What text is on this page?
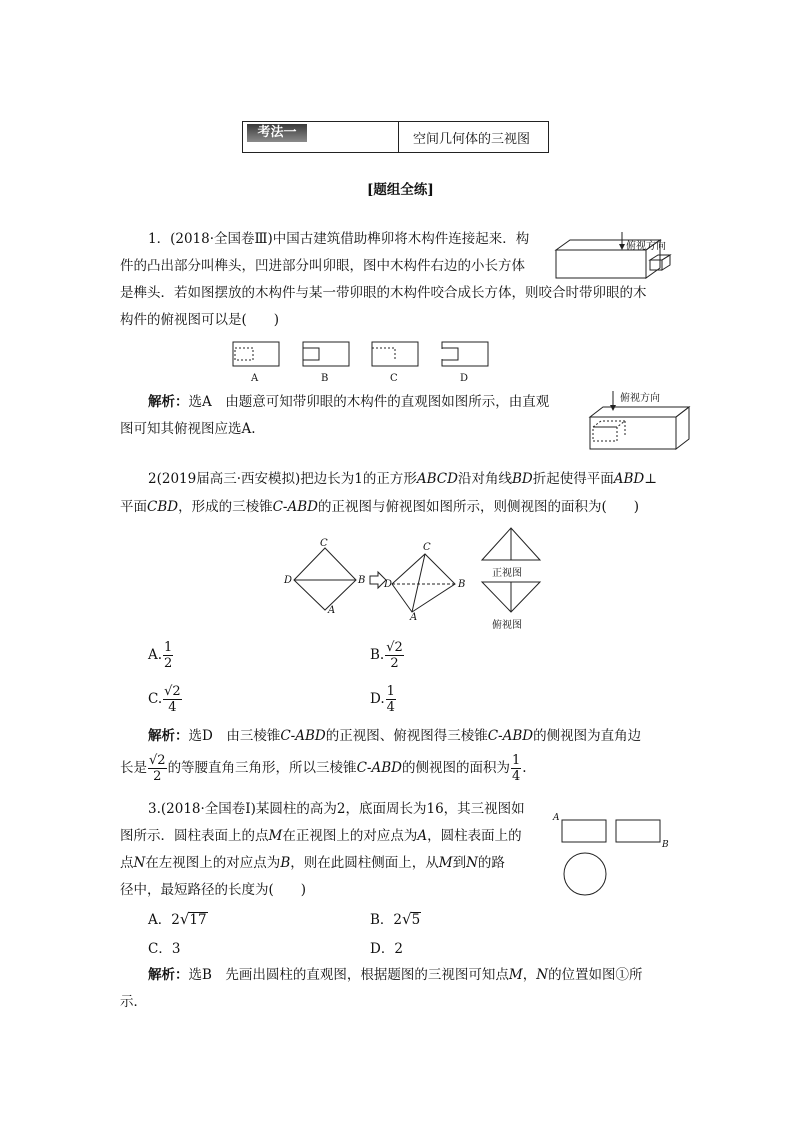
考法一	空间几何体的三视图
[题组全练]
1．(2018·全国卷Ⅲ)中国古建筑借助榫卯将木构件连接起来．构
件的凸出部分叫榫头，凹进部分叫卯眼，图中木构件右边的小长方体
是榫头．若如图摆放的木构件与某一带卯眼的木构件咬合成长方体，则咬合时带卯眼的木
构件的俯视图可以是(　　)
俯视方向
A	B	C	D
解析：选A　由题意可知带卯眼的木构件的直观图如图所示，由直观
图可知其俯视图应选A.
俯视方向
2(2019届高三·西安模拟)把边长为1的正方形ABCD沿对角线BD折起使得平面ABD⊥
平面CBD，形成的三棱锥C-ABD的正视图与俯视图如图所示，则侧视图的面积为(　　)
C
D	B
A
C
D	B
A
正视图
俯视图
A. $\frac{1}{2}$	B. $\frac{√2}{2}$
C. $\frac{√2}{4}$	D. $\frac{1}{4}$
解析：选D　由三棱锥C-ABD的正视图、俯视图得三棱锥C-ABD的侧视图为直角边
长是 $\frac{√2}{2}$ 的等腰直角三角形，所以三棱锥C-ABD的侧视图的面积为 $\frac{1}{4}$ .
3.(2018·全国卷Ⅰ)某圆柱的高为2，底面周长为16，其三视图如
图所示．圆柱表面上的点M在正视图上的对应点为A，圆柱表面上的
点N在左视图上的对应点为B，则在此圆柱侧面上，从M到N的路
径中，最短路径的长度为(　　)
A．2√17	B．2√5
C．3	D．2
A
B
解析：选B　先画出圆柱的直观图，根据题图的三视图可知点M，N的位置如图①所
示．
